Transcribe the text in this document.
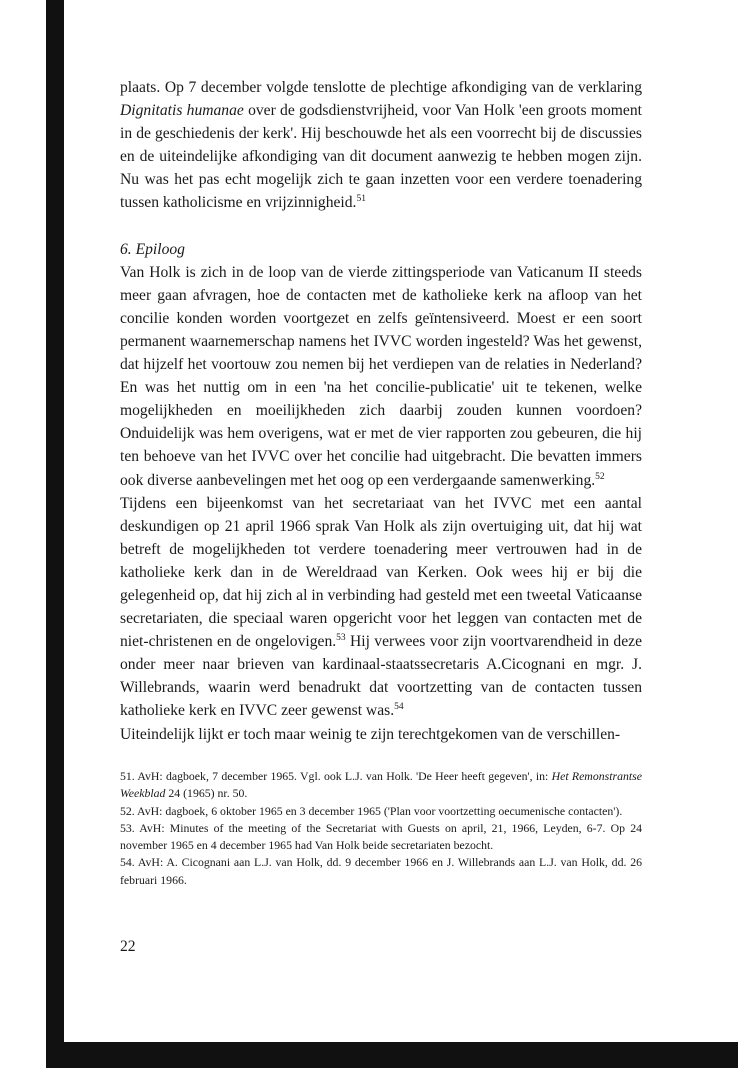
plaats. Op 7 december volgde tenslotte de plechtige afkondiging van de verklaring Dignitatis humanae over de godsdienstvrijheid, voor Van Holk 'een groots moment in de geschiedenis der kerk'. Hij beschouwde het als een voorrecht bij de discussies en de uiteindelijke afkondiging van dit document aanwezig te hebben mogen zijn. Nu was het pas echt mogelijk zich te gaan inzetten voor een verdere toenadering tussen katholicisme en vrijzinnigheid.$^{51}$

6. Epiloog

Van Holk is zich in de loop van de vierde zittingsperiode van Vaticanum II steeds meer gaan afvragen, hoe de contacten met de katholieke kerk na afloop van het concilie konden worden voortgezet en zelfs geïntensiveerd. Moest er een soort permanent waarnemerschap namens het IVVC worden ingesteld? Was het gewenst, dat hijzelf het voortouw zou nemen bij het verdiepen van de relaties in Nederland? En was het nuttig om in een 'na het concilie-publicatie' uit te tekenen, welke mogelijkheden en moeilijkheden zich daarbij zouden kunnen voordoen? Onduidelijk was hem overigens, wat er met de vier rapporten zou gebeuren, die hij ten behoeve van het IVVC over het concilie had uitgebracht. Die bevatten immers ook diverse aanbevelingen met het oog op een verdergaande samenwerking.$^{52}$

Tijdens een bijeenkomst van het secretariaat van het IVVC met een aantal deskundigen op 21 april 1966 sprak Van Holk als zijn overtuiging uit, dat hij wat betreft de mogelijkheden tot verdere toenadering meer vertrouwen had in de katholieke kerk dan in de Wereldraad van Kerken. Ook wees hij er bij die gelegenheid op, dat hij zich al in verbinding had gesteld met een tweetal Vaticaanse secretariaten, die speciaal waren opgericht voor het leggen van contacten met de niet-christenen en de ongelovigen.$^{53}$ Hij verwees voor zijn voortvarendheid in deze onder meer naar brieven van kardinaal-staatssecretaris A.Cicognani en mgr. J. Willebrands, waarin werd benadrukt dat voortzetting van de contacten tussen katholieke kerk en IVVC zeer gewenst was.$^{54}$

Uiteindelijk lijkt er toch maar weinig te zijn terechtgekomen van de verschillen-

51. AvH: dagboek, 7 december 1965. Vgl. ook L.J. van Holk. 'De Heer heeft gegeven', in: Het Remonstrantse Weekblad 24 (1965) nr. 50.

52. AvH: dagboek, 6 oktober 1965 en 3 december 1965 ('Plan voor voortzetting oecumenische contacten').

53. AvH: Minutes of the meeting of the Secretariat with Guests on april, 21, 1966, Leyden, 6-7. Op 24 november 1965 en 4 december 1965 had Van Holk beide secretariaten bezocht.

54. AvH: A. Cicognani aan L.J. van Holk, dd. 9 december 1966 en J. Willebrands aan L.J. van Holk, dd. 26 februari 1966.

22
